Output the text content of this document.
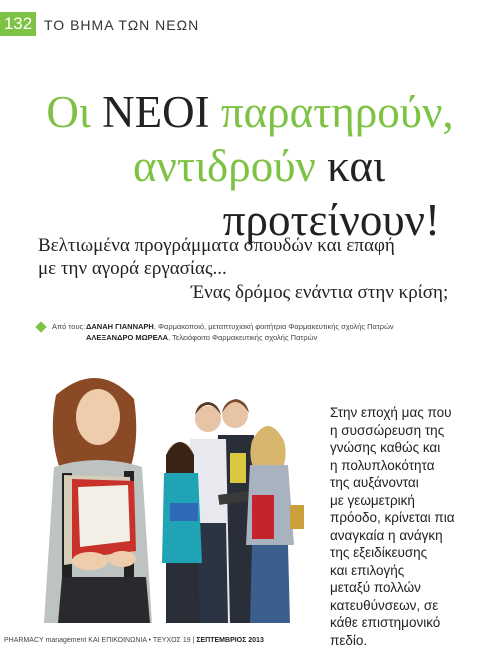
132 ΤΟ ΒΗΜΑ ΤΩΝ ΝΕΩΝ
Οι ΝΕΟΙ παρατηρούν,
αντιδρούν και
προτείνουν!
Βελτιωμένα προγράμματα σπουδών και επαφή
με την αγορά εργασίας...
Ένας δρόμος ενάντια στην κρίση;
Από τους: ΔΑΝΑΗ ΓΙΑΝΝΑΡΗ, Φαρμακοποιό, μεταπτυχιακή φοιτήτρια Φαρμακευτικής σχολής Πατρών
ΑΛΕΞΑΝΔΡΟ ΜΩΡΕΛΑ, Τελειόφοιτο Φαρμακευτικής σχολής Πατρών
Στην εποχή μας που
η συσσώρευση της
γνώσης καθώς και
η πολυπλοκότητα
της αυξάνονται
με γεωμετρική
πρόοδο, κρίνεται πια
αναγκαία η ανάγκη
της εξειδίκευσης
και επιλογής
μεταξύ πολλών
κατευθύνσεων, σε
κάθε επιστημονικό
πεδίο.
PHARMACY management ΚΑΙ ΕΠΙΚΟΙΝΩΝΙΑ • ΤΕΥΧΟΣ 19 | ΣΕΠΤΕΜΒΡΙΟΣ 2013
